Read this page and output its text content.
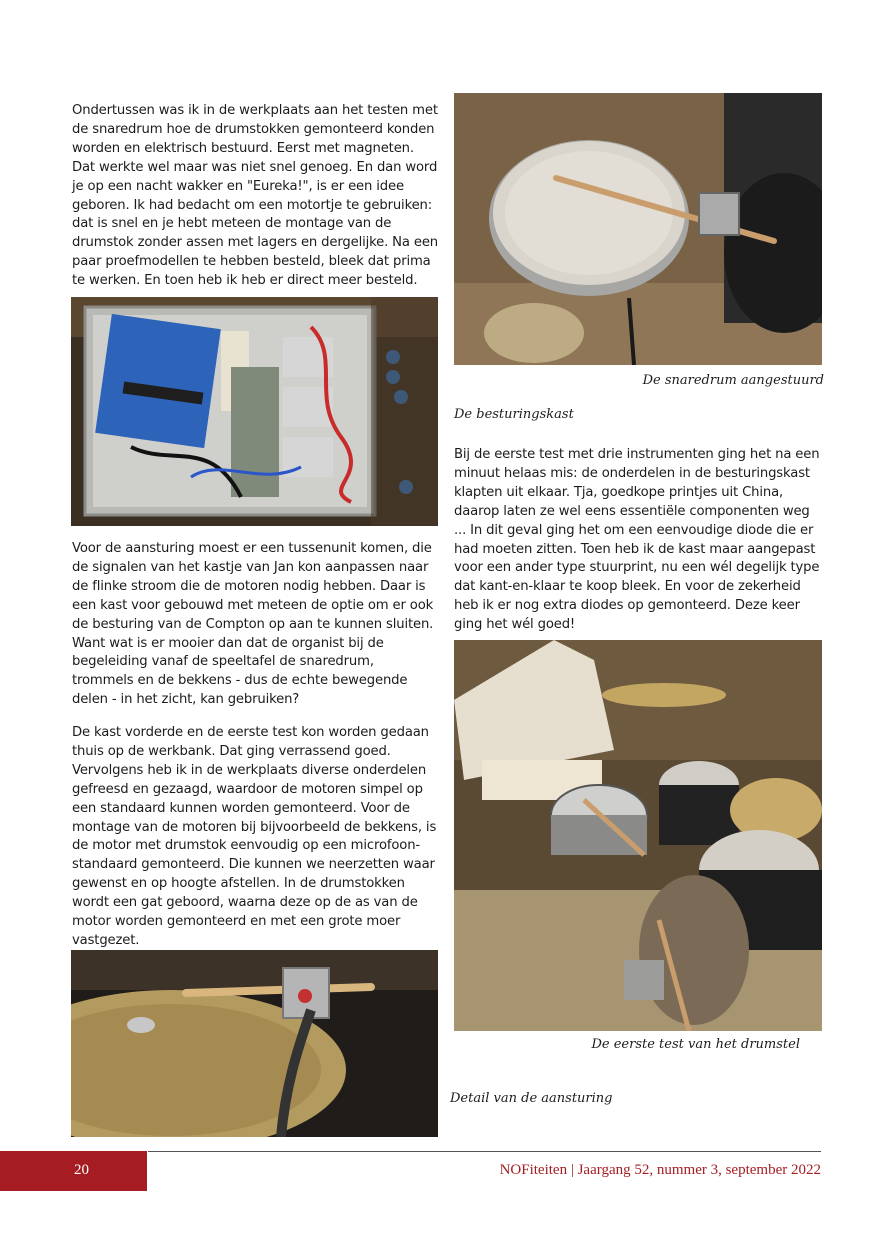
Ondertussen was ik in de werkplaats aan het testen met de snaredrum hoe de drumstokken gemonteerd konden worden en elektrisch bestuurd. Eerst met magneten. Dat werkte wel maar was niet snel genoeg. En dan word je op een nacht wakker en "Eureka!", is er een idee geboren. Ik had bedacht om een motortje te gebruiken: dat is snel en je hebt meteen de montage van de drumstok zonder assen met lagers en dergelijke. Na een paar proefmodellen te hebben besteld, bleek dat prima te werken. En toen heb ik heb er direct meer besteld.

Voor de aansturing moest er een tussenunit komen, die de signalen van het kastje van Jan kon aanpassen naar de flinke stroom die de motoren nodig hebben. Daar is een kast voor gebouwd met meteen de optie om er ook de besturing van de Compton op aan te kunnen sluiten. Want wat is er mooier dan dat de organist bij de begeleiding vanaf de speeltafel de snaredrum, trommels en de bekkens - dus de echte bewegende delen - in het zicht, kan gebruiken?

De kast vorderde en de eerste test kon worden gedaan thuis op de werkbank. Dat ging verrassend goed. Vervolgens heb ik in de werkplaats diverse onderdelen gefreesd en gezaagd, waardoor de motoren simpel op een standaard kunnen worden gemonteerd. Voor de montage van de motoren bij bijvoorbeeld de bekkens, is de motor met drumstok eenvoudig op een microfoon-standaard gemonteerd. Die kunnen we neerzetten waar gewenst en op hoogte afstellen. In de drumstokken wordt een gat geboord, waarna deze op de as van de motor worden gemonteerd en met een grote moer vastgezet.

De snaredrum aangestuurd

De besturingskast

Bij de eerste test met drie instrumenten ging het na een minuut helaas mis: de onderdelen in de besturingskast klapten uit elkaar. Tja, goedkope printjes uit China, daarop laten ze wel eens essentiële componenten weg ... In dit geval ging het om een eenvoudige diode die er had moeten zitten. Toen heb ik de kast maar aangepast voor een ander type stuurprint, nu een wél degelijk type dat kant-en-klaar te koop bleek. En voor de zekerheid heb ik er nog extra diodes op gemonteerd. Deze keer ging het wél goed!

De eerste test van het drumstel

Detail van de aansturing

20	NOFiteiten | Jaargang 52, nummer 3, september 2022
